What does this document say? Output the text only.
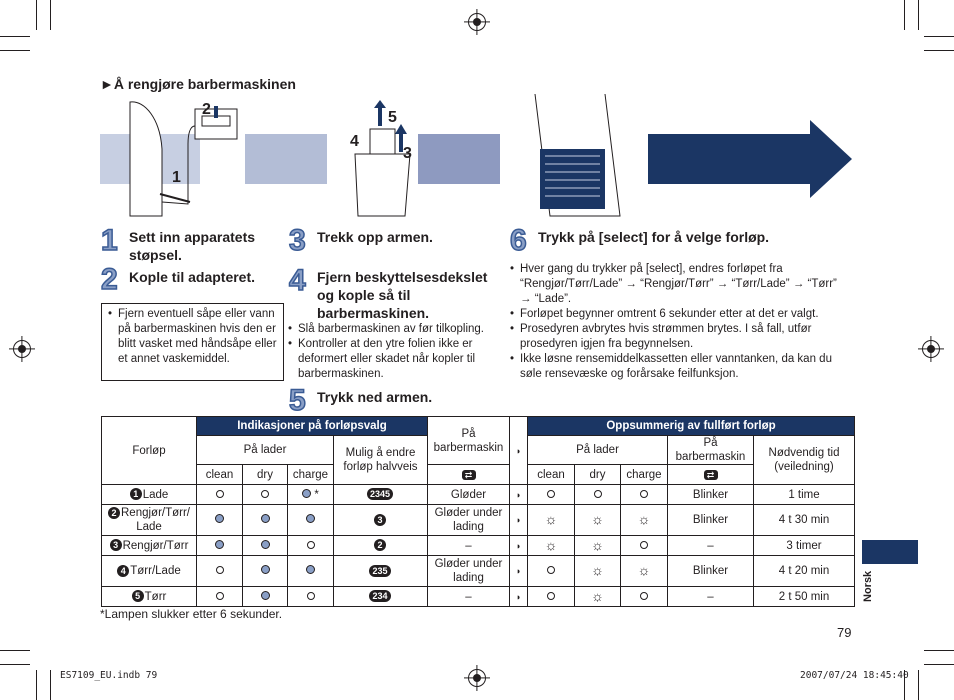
►Å rengjøre barbermaskinen
1
2
3
4
5
1 Sett inn apparatets støpsel.
2 Kople til adapteret.
• Fjern eventuell såpe eller vann på barbermaskinen hvis den er blitt vasket med håndsåpe eller et annet vaskemiddel.
3 Trekk opp armen.
4 Fjern beskyttelsesdekslet og kople så til barbermaskinen.
• Slå barbermaskinen av før tilkopling.
• Kontroller at den ytre folien ikke er deformert eller skadet når kopler til barbermaskinen.
5 Trykk ned armen.
6 Trykk på [select] for å velge forløp.
• Hver gang du trykker på [select], endres forløpet fra “Rengjør/Tørr/Lade” → “Rengjør/Tørr” → “Tørr/Lade” → “Tørr” → “Lade”.
• Forløpet begynner omtrent 6 sekunder etter at det er valgt.
• Prosedyren avbrytes hvis strømmen brytes. I så fall, utfør prosedyren igjen fra begynnelsen.
• Ikke løsne rensemiddelkassetten eller vanntanken, da kan du søle rensevæske og forårsake feilfunksjon.
Forløp	Indikasjoner på forløpsvalg				På barbermaskin	◗	Oppsummerig av fullført forløp				
	På lader			Mulig å endre forløp halvveis			På lader			På barbermaskin	Nødvendig tid (veiledning)
	clean	dry	charge		⇄		clean	dry	charge	⇄	
1 Lade			*	2345	Gløder	◗				Blinker	1 time
2 Rengjør/Tørr/ Lade				3	Gløder under lading	◗	☼	☼	☼	Blinker	4 t 30 min
3 Rengjør/Tørr				2	–	◗	☼	☼		–	3 timer
4 Tørr/Lade				235	Gløder under lading	◗		☼	☼	Blinker	4 t 20 min
5 Tørr				234	–	◗		☼		–	2 t 50 min
*Lampen slukker etter 6 sekunder.
79
Norsk
ES7109_EU.indb 79	2007/07/24 18:45:40
